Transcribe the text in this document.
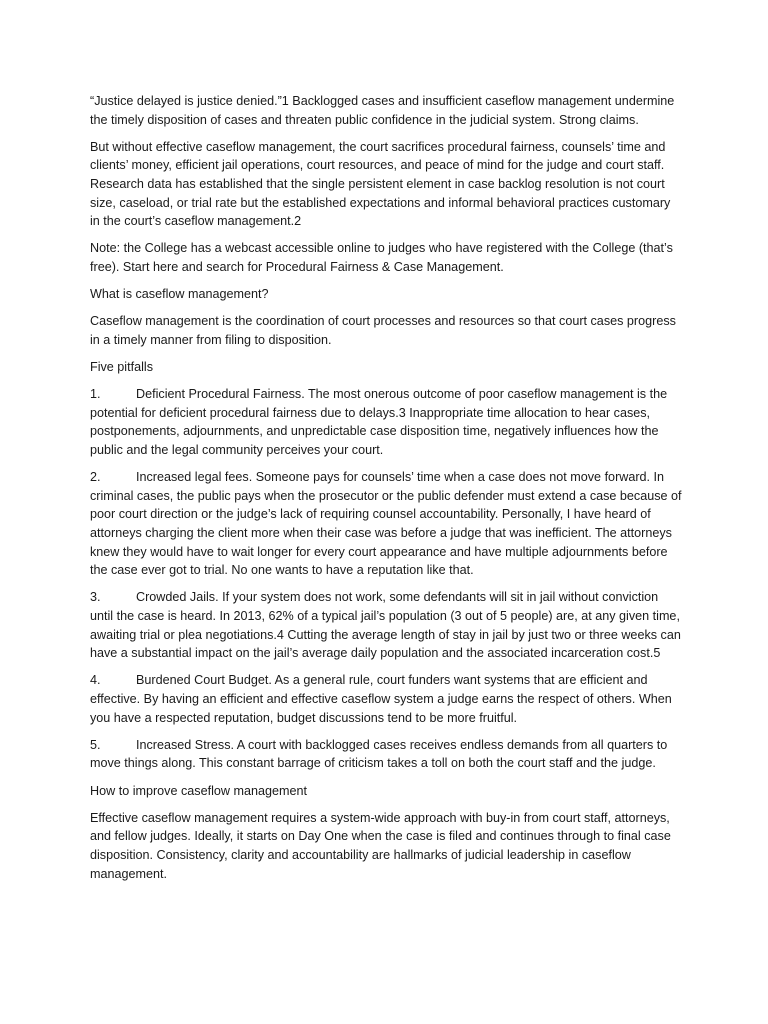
“Justice delayed is justice denied.”1 Backlogged cases and insufficient caseflow management undermine the timely disposition of cases and threaten public confidence in the judicial system. Strong claims.

But without effective caseflow management, the court sacrifices procedural fairness, counsels’ time and clients’ money, efficient jail operations, court resources, and peace of mind for the judge and court staff. Research data has established that the single persistent element in case backlog resolution is not court size, caseload, or trial rate but the established expectations and informal behavioral practices customary in the court’s caseflow management.2

Note: the College has a webcast accessible online to judges who have registered with the College (that’s free). Start here and search for Procedural Fairness & Case Management.

What is caseflow management?

Caseflow management is the coordination of court processes and resources so that court cases progress in a timely manner from filing to disposition.

Five pitfalls

1.	Deficient Procedural Fairness. The most onerous outcome of poor caseflow management is the potential for deficient procedural fairness due to delays.3 Inappropriate time allocation to hear cases, postponements, adjournments, and unpredictable case disposition time, negatively influences how the public and the legal community perceives your court.

2.	Increased legal fees. Someone pays for counsels’ time when a case does not move forward. In criminal cases, the public pays when the prosecutor or the public defender must extend a case because of poor court direction or the judge’s lack of requiring counsel accountability. Personally, I have heard of attorneys charging the client more when their case was before a judge that was inefficient. The attorneys knew they would have to wait longer for every court appearance and have multiple adjournments before the case ever got to trial. No one wants to have a reputation like that.

3.	Crowded Jails. If your system does not work, some defendants will sit in jail without conviction until the case is heard. In 2013, 62% of a typical jail’s population (3 out of 5 people) are, at any given time, awaiting trial or plea negotiations.4 Cutting the average length of stay in jail by just two or three weeks can have a substantial impact on the jail’s average daily population and the associated incarceration cost.5

4.	Burdened Court Budget. As a general rule, court funders want systems that are efficient and effective. By having an efficient and effective caseflow system a judge earns the respect of others. When you have a respected reputation, budget discussions tend to be more fruitful.

5.	Increased Stress. A court with backlogged cases receives endless demands from all quarters to move things along. This constant barrage of criticism takes a toll on both the court staff and the judge.

How to improve caseflow management

Effective caseflow management requires a system-wide approach with buy-in from court staff, attorneys, and fellow judges. Ideally, it starts on Day One when the case is filed and continues through to final case disposition. Consistency, clarity and accountability are hallmarks of judicial leadership in caseflow management.
